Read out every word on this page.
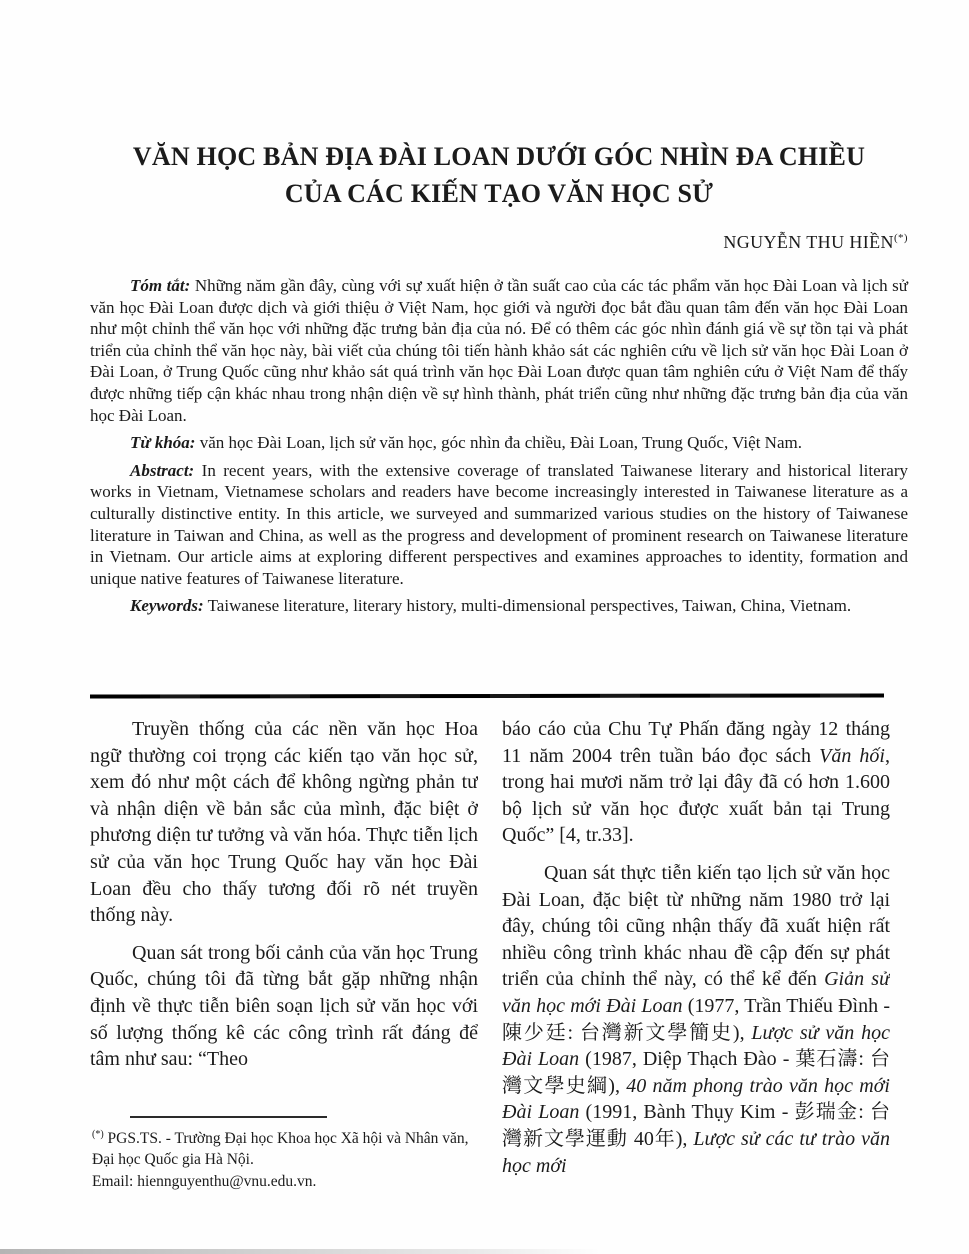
VĂN HỌC BẢN ĐỊA ĐÀI LOAN DƯỚI GÓC NHÌN ĐA CHIỀU
CỦA CÁC KIẾN TẠO VĂN HỌC SỬ
NGUYỄN THU HIỀN(*)

Tóm tắt: Những năm gần đây, cùng với sự xuất hiện ở tần suất cao của các tác phẩm văn học Đài Loan và lịch sử văn học Đài Loan được dịch và giới thiệu ở Việt Nam, học giới và người đọc bắt đầu quan tâm đến văn học Đài Loan như một chỉnh thể văn học với những đặc trưng bản địa của nó. Để có thêm các góc nhìn đánh giá về sự tồn tại và phát triển của chỉnh thể văn học này, bài viết của chúng tôi tiến hành khảo sát các nghiên cứu về lịch sử văn học Đài Loan ở Đài Loan, ở Trung Quốc cũng như khảo sát quá trình văn học Đài Loan được quan tâm nghiên cứu ở Việt Nam để thấy được những tiếp cận khác nhau trong nhận diện về sự hình thành, phát triển cũng như những đặc trưng bản địa của văn học Đài Loan.

Từ khóa: văn học Đài Loan, lịch sử văn học, góc nhìn đa chiều, Đài Loan, Trung Quốc, Việt Nam.

Abstract: In recent years, with the extensive coverage of translated Taiwanese literary and historical literary works in Vietnam, Vietnamese scholars and readers have become increasingly interested in Taiwanese literature as a culturally distinctive entity. In this article, we surveyed and summarized various studies on the history of Taiwanese literature in Taiwan and China, as well as the progress and development of prominent research on Taiwanese literature in Vietnam. Our article aims at exploring different perspectives and examines approaches to identity, formation and unique native features of Taiwanese literature.

Keywords: Taiwanese literature, literary history, multi-dimensional perspectives, Taiwan, China, Vietnam.

Truyền thống của các nền văn học Hoa ngữ thường coi trọng các kiến tạo văn học sử, xem đó như một cách để không ngừng phản tư và nhận diện về bản sắc của mình, đặc biệt ở phương diện tư tưởng và văn hóa. Thực tiễn lịch sử của văn học Trung Quốc hay văn học Đài Loan đều cho thấy tương đối rõ nét truyền thống này.

Quan sát trong bối cảnh của văn học Trung Quốc, chúng tôi đã từng bắt gặp những nhận định về thực tiễn biên soạn lịch sử văn học với số lượng thống kê các công trình rất đáng để tâm như sau: “Theo

báo cáo của Chu Tự Phấn đăng ngày 12 tháng 11 năm 2004 trên tuần báo đọc sách Văn hối, trong hai mươi năm trở lại đây đã có hơn 1.600 bộ lịch sử văn học được xuất bản tại Trung Quốc” [4, tr.33].

Quan sát thực tiễn kiến tạo lịch sử văn học Đài Loan, đặc biệt từ những năm 1980 trở lại đây, chúng tôi cũng nhận thấy đã xuất hiện rất nhiều công trình khác nhau đề cập đến sự phát triển của chỉnh thể này, có thể kể đến Giản sử văn học mới Đài Loan (1977, Trần Thiếu Đình - 陳少廷: 台灣新文學簡史), Lược sử văn học Đài Loan (1987, Diệp Thạch Đào - 葉石濤: 台灣文學史綱), 40 năm phong trào văn học mới Đài Loan (1991, Bành Thụy Kim - 彭瑞金: 台灣新文學運動 40年), Lược sử các tư trào văn học mới

(*) PGS.TS. - Trường Đại học Khoa học Xã hội và Nhân văn, Đại học Quốc gia Hà Nội.
Email: hiennguyenthu@vnu.edu.vn.
